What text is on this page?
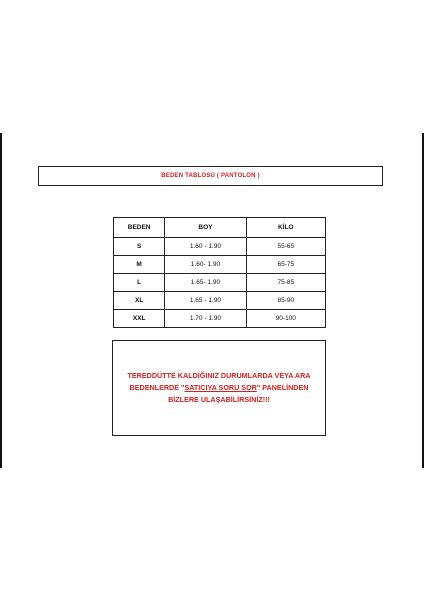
BEDEN TABLOSU ( PANTOLON )
BEDEN	BOY	KİLO
S	1.60 - 1.90	55-65
M	1.60- 1.90	65-75
L	1.65- 1.90	75-85
XL	1.65 - 1.90	85-90
XXL	1.70 - 1.90	90-100
TEREDDÜTTE KALDIĞINIZ DURUMLARDA VEYA ARA
BEDENLERDE "SATICIYA SORU SOR" PANELİNDEN
BİZLERE ULAŞABİLİRSİNİZ!!!
